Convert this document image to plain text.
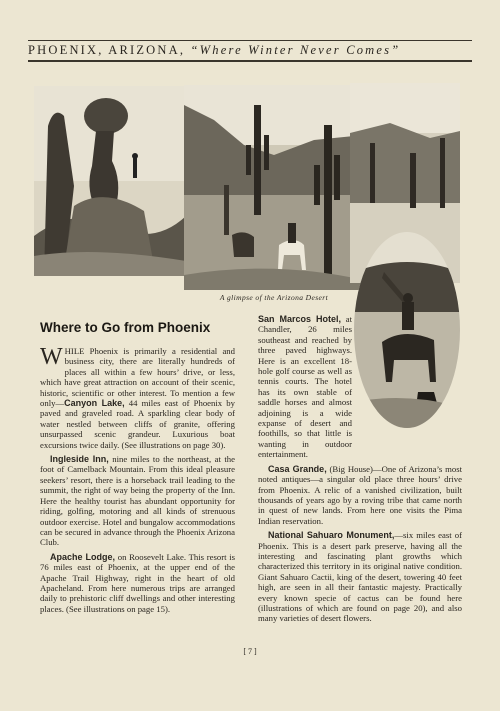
PHOENIX, ARIZONA, “Where Winter Never Comes”
A glimpse of the Arizona Desert
Where to Go from Phoenix

WHILE Phoenix is primarily a residential and business city, there are literally hundreds of places all within a few hours’ drive, or less, which have great attraction on account of their scenic, historic, scientific or other interest. To mention a few only—Canyon Lake, 44 miles east of Phoenix by paved and graveled road. A sparkling clear body of water nestled between cliffs of granite, offering unsurpassed scenic grandeur. Luxurious boat excursions twice daily. (See illustrations on page 30).

Ingleside Inn, nine miles to the northeast, at the foot of Camelback Mountain. From this ideal pleasure seekers’ resort, there is a horseback trail leading to the summit, the right of way being the property of the Inn. Here the healthy tourist has abundant opportunity for riding, golfing, motoring and all kinds of strenuous outdoor exercise. Hotel and bungalow accommodations can be secured in advance through the Phoenix Arizona Club.

Apache Lodge, on Roosevelt Lake. This resort is 76 miles east of Phoenix, at the upper end of the Apache Trail Highway, right in the heart of old Apacheland. From here numerous trips are arranged daily to prehistoric cliff dwellings and other interesting places. (See illustrations on page 15).

San Marcos Hotel, at Chandler, 26 miles southeast and reached by three paved highways. Here is an excellent 18-hole golf course as well as tennis courts. The hotel has its own stable of saddle horses and almost adjoining is a wide expanse of desert and foothills, so that little is wanting in outdoor entertainment.

Casa Grande, (Big House)—One of Arizona’s most noted antiques—a singular old place three hours’ drive from Phoenix. A relic of a vanished civilization, built thousands of years ago by a roving tribe that came north in quest of new lands. From here one visits the Pima Indian reservation.

National Sahuaro Monument,—six miles east of Phoenix. This is a desert park preserve, having all the interesting and fascinating plant growths which characterized this territory in its original native condition. Giant Sahuaro Cactii, king of the desert, towering 40 feet high, are seen in all their fantastic majesty. Practically every known specie of cactus can be found here (illustrations of which are found on page 20), and also many varieties of desert flowers.

[ 7 ]
